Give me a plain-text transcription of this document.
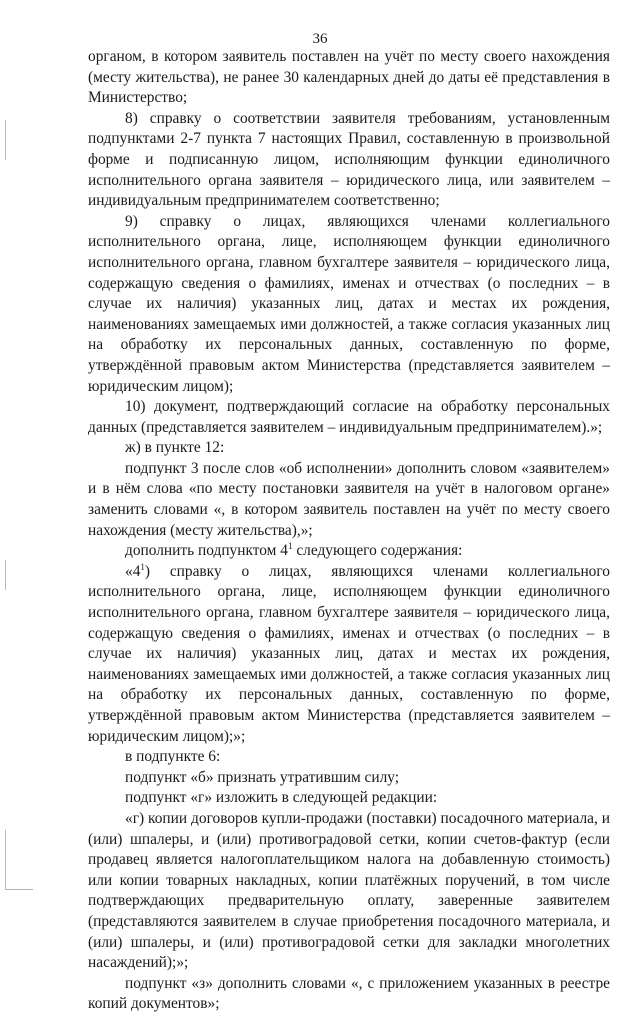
36

органом, в котором заявитель поставлен на учёт по месту своего нахождения (месту жительства), не ранее 30 календарных дней до даты её представления в Министерство;

8) справку о соответствии заявителя требованиям, установленным подпунктами 2-7 пункта 7 настоящих Правил, составленную в произвольной форме и подписанную лицом, исполняющим функции единоличного исполнительного органа заявителя – юридического лица, или заявителем – индивидуальным предпринимателем соответственно;

9) справку о лицах, являющихся членами коллегиального исполнительного органа, лице, исполняющем функции единоличного исполнительного органа, главном бухгалтере заявителя – юридического лица, содержащую сведения о фамилиях, именах и отчествах (о последних – в случае их наличия) указанных лиц, датах и местах их рождения, наименованиях замещаемых ими должностей, а также согласия указанных лиц на обработку их персональных данных, составленную по форме, утверждённой правовым актом Министерства (представляется заявителем – юридическим лицом);

10) документ, подтверждающий согласие на обработку персональных данных (представляется заявителем – индивидуальным предпринимателем).»;

ж) в пункте 12:

подпункт 3 после слов «об исполнении» дополнить словом «заявителем» и в нём слова «по месту постановки заявителя на учёт в налоговом органе» заменить словами «, в котором заявитель поставлен на учёт по месту своего нахождения (месту жительства),»;

дополнить подпунктом $4^1$ следующего содержания:

«$4^1$) справку о лицах, являющихся членами коллегиального исполнительного органа, лице, исполняющем функции единоличного исполнительного органа, главном бухгалтере заявителя – юридического лица, содержащую сведения о фамилиях, именах и отчествах (о последних – в случае их наличия) указанных лиц, датах и местах их рождения, наименованиях замещаемых ими должностей, а также согласия указанных лиц на обработку их персональных данных, составленную по форме, утверждённой правовым актом Министерства (представляется заявителем – юридическим лицом);»;

в подпункте 6:

подпункт «б» признать утратившим силу;

подпункт «г» изложить в следующей редакции:

«г) копии договоров купли-продажи (поставки) посадочного материала, и (или) шпалеры, и (или) противоградовой сетки, копии счетов-фактур (если продавец является налогоплательщиком налога на добавленную стоимость) или копии товарных накладных, копии платёжных поручений, в том числе подтверждающих предварительную оплату, заверенные заявителем (представляются заявителем в случае приобретения посадочного материала, и (или) шпалеры, и (или) противоградовой сетки для закладки многолетних насаждений);»;

подпункт «з» дополнить словами «, с приложением указанных в реестре копий документов»;
